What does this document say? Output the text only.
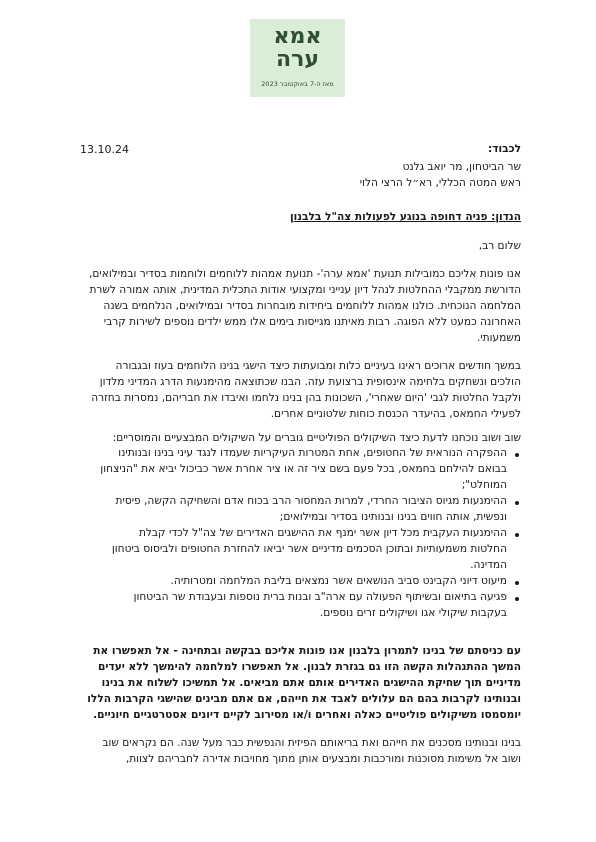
אמא
ערה
מאז ה-7 באוקטובר 2023
13.10.24	לכבוד:
שר הביטחון, מר יואב גלנט
ראש המטה הכללי, רא״ל הרצי הלוי
הנדון: פניה דחופה בנוגע לפעולות צה"ל בלבנון
שלום רב,
אנו פונות אליכם כמובילות תנועת 'אמא ערה'- תנועת אמהות ללוחמים ולוחמות בסדיר ובמילואים,
הדורשת ממקבלי ההחלטות לנהל דיון ענייני ומקצועי אודות התכלית המדינית, אותה אמורה לשרת
המלחמה הנוכחית. כולנו אמהות ללוחמים ביחידות מובחרות בסדיר ובמילואים, הנלחמים בשנה
האחרונה כמעט ללא הפוגה. רבות מאיתנו מגייסות בימים אלו ממש ילדים נוספים לשירות קרבי
משמעותי.
במשך חודשים ארוכים ראינו בעיניים כלות ומבועתות כיצד הישגי בנינו הלוחמים בעוז ובגבורה
הולכים ונשחקים בלחימה אינסופית ברצועת עזה. הבנו שכתוצאה מהימנעות הדרג המדיני מלדון
ולקבל החלטות לגבי 'היום שאחרי', השכונות בהן בנינו נלחמו ואיבדו את חבריהם, נמסרות בחזרה
לפעילי החמאס, בהיעדר הכנסת כוחות שלטוניים אחרים.
שוב ושוב נוכחנו לדעת כיצד השיקולים הפוליטיים גוברים על השיקולים המבצעיים והמוסריים:
ההפקרה הנוראית של החטופים, אחת המטרות העיקריות שעמדו לנגד עיני בנינו ובנותינו
בבואם להילחם בחמאס, בכל פעם בשם ציר זה או ציר אחרת אשר כביכול יביא את "הניצחון
המוחלט";
ההימנעות מגיוס הציבור החרדי, למרות המחסור הרב בכוח אדם והשחיקה הקשה, פיסית
ונפשית, אותה חווים בנינו ובנותינו בסדיר ובמילואים;
ההימנעות העקבית מכל דיון אשר ימנף את ההישגים האדירים של צה"ל לכדי קבלת
החלטות משמעותיות ובתוכן הסכמים מדיניים אשר יביאו להחזרת החטופים ולביסוס ביטחון
המדינה.
מיעוט דיוני הקבינט סביב הנושאים אשר נמצאים בליבת המלחמה ומטרותיה.
פגיעה בתיאום ובשיתוף הפעולה עם ארה"ב ובנות ברית נוספות ובעבודת שר הביטחון
בעקבות שיקולי אגו ושיקולים זרים נוספים.
עם כניסתם של בנינו לתמרון בלבנון אנו פונות אליכם בבקשה ובתחינה - אל תאפשרו את
המשך ההתנהלות הקשה הזו גם בגזרת לבנון. אל תאפשרו למלחמה להימשך ללא יעדים
מדיניים תוך שחיקת ההישגים האדירים אותם אתם מביאים. אל תמשיכו לשלוח את בנינו
ובנותינו לקרבות בהם הם עלולים לאבד את חייהם, אם אתם מבינים שהישגי הקרבות הללו
יומסמסו משיקולים פוליטיים כאלה ואחרים ו/או מסירוב לקיים דיונים אסטרטגיים חיוניים.
בנינו ובנותינו מסכנים את חייהם ואת בריאותם הפיזית והנפשית כבר מעל שנה. הם נקראים שוב
ושוב אל משימות מסוכנות ומורכבות ומבצעים אותן מתוך מחויבות אדירה לחבריהם לצוות,
